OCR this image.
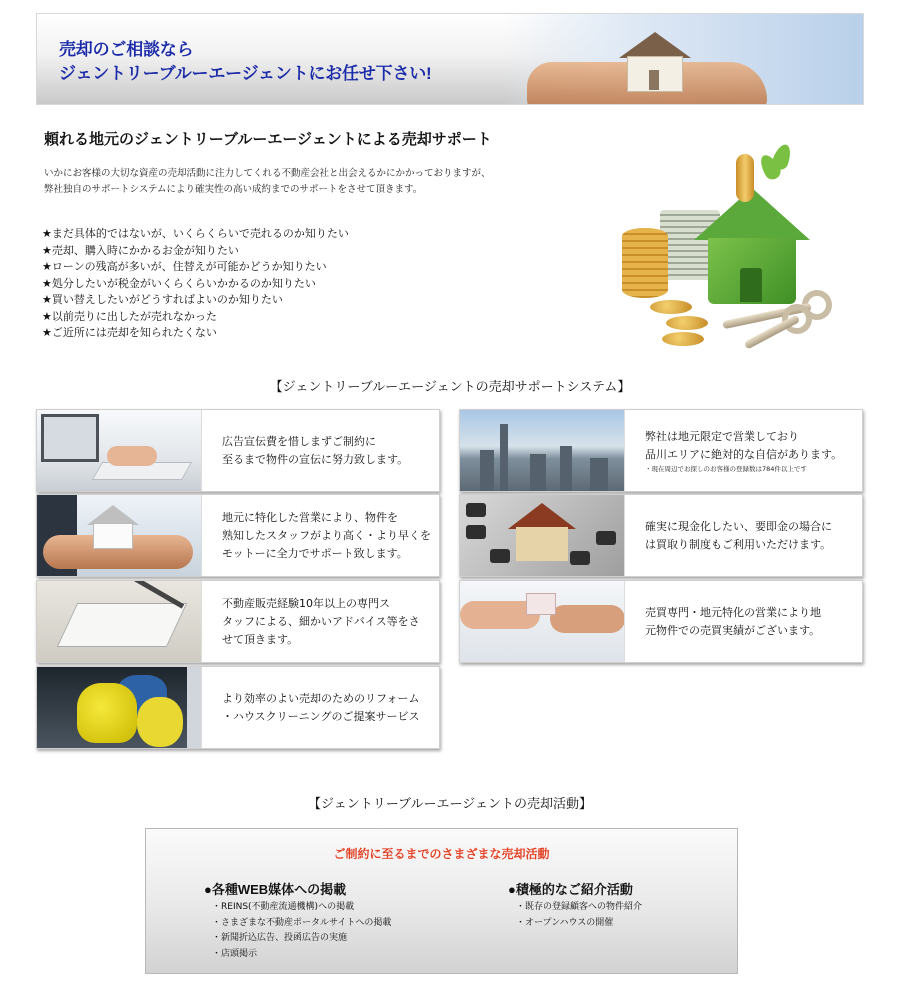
売却のご相談なら
ジェントリーブルーエージェントにお任せ下さい!
頼れる地元のジェントリーブルーエージェントによる売却サポート

いかにお客様の大切な資産の売却活動に注力してくれる不動産会社と出会えるかにかかっておりますが、

弊社独自のサポートシステムにより確実性の高い成約までのサポートをさせて頂きます。

★まだ具体的ではないが、いくらくらいで売れるのか知りたい
★売却、購入時にかかるお金が知りたい
★ローンの残高が多いが、住替えが可能かどうか知りたい
★処分したいが税金がいくらくらいかかるのか知りたい
★買い替えしたいがどうすればよいのか知りたい
★以前売りに出したが売れなかった
★ご近所には売却を知られたくない
【ジェントリーブルーエージェントの売却サポートシステム】
広告宣伝費を惜しまずご制約に
至るまで物件の宣伝に努力致します。
弊社は地元限定で営業しており
品川エリアに絶対的な自信があります。
・現在周辺でお探しのお客様の登録数は784件以上です
地元に特化した営業により、物件を
熟知したスタッフがより高く・より早くを
モットーに全力でサポート致します。
確実に現金化したい、要即金の場合に
は買取り制度もご利用いただけます。
不動産販売経験10年以上の専門ス
タッフによる、細かいアドバイス等をさ
せて頂きます。
売買専門・地元特化の営業により地
元物件での売買実績がございます。
より効率のよい売却のためのリフォーム
・ハウスクリーニングのご提案サービス
【ジェントリーブルーエージェントの売却活動】
ご制約に至るまでのさまざまな売却活動
●各種WEB媒体への掲載
・REINS(不動産流通機構)への掲載
・さまざまな不動産ポータルサイトへの掲載
・新聞折込広告、投函広告の実施
・店頭掲示
●積極的なご紹介活動
・既存の登録顧客への物件紹介
・オープンハウスの開催
